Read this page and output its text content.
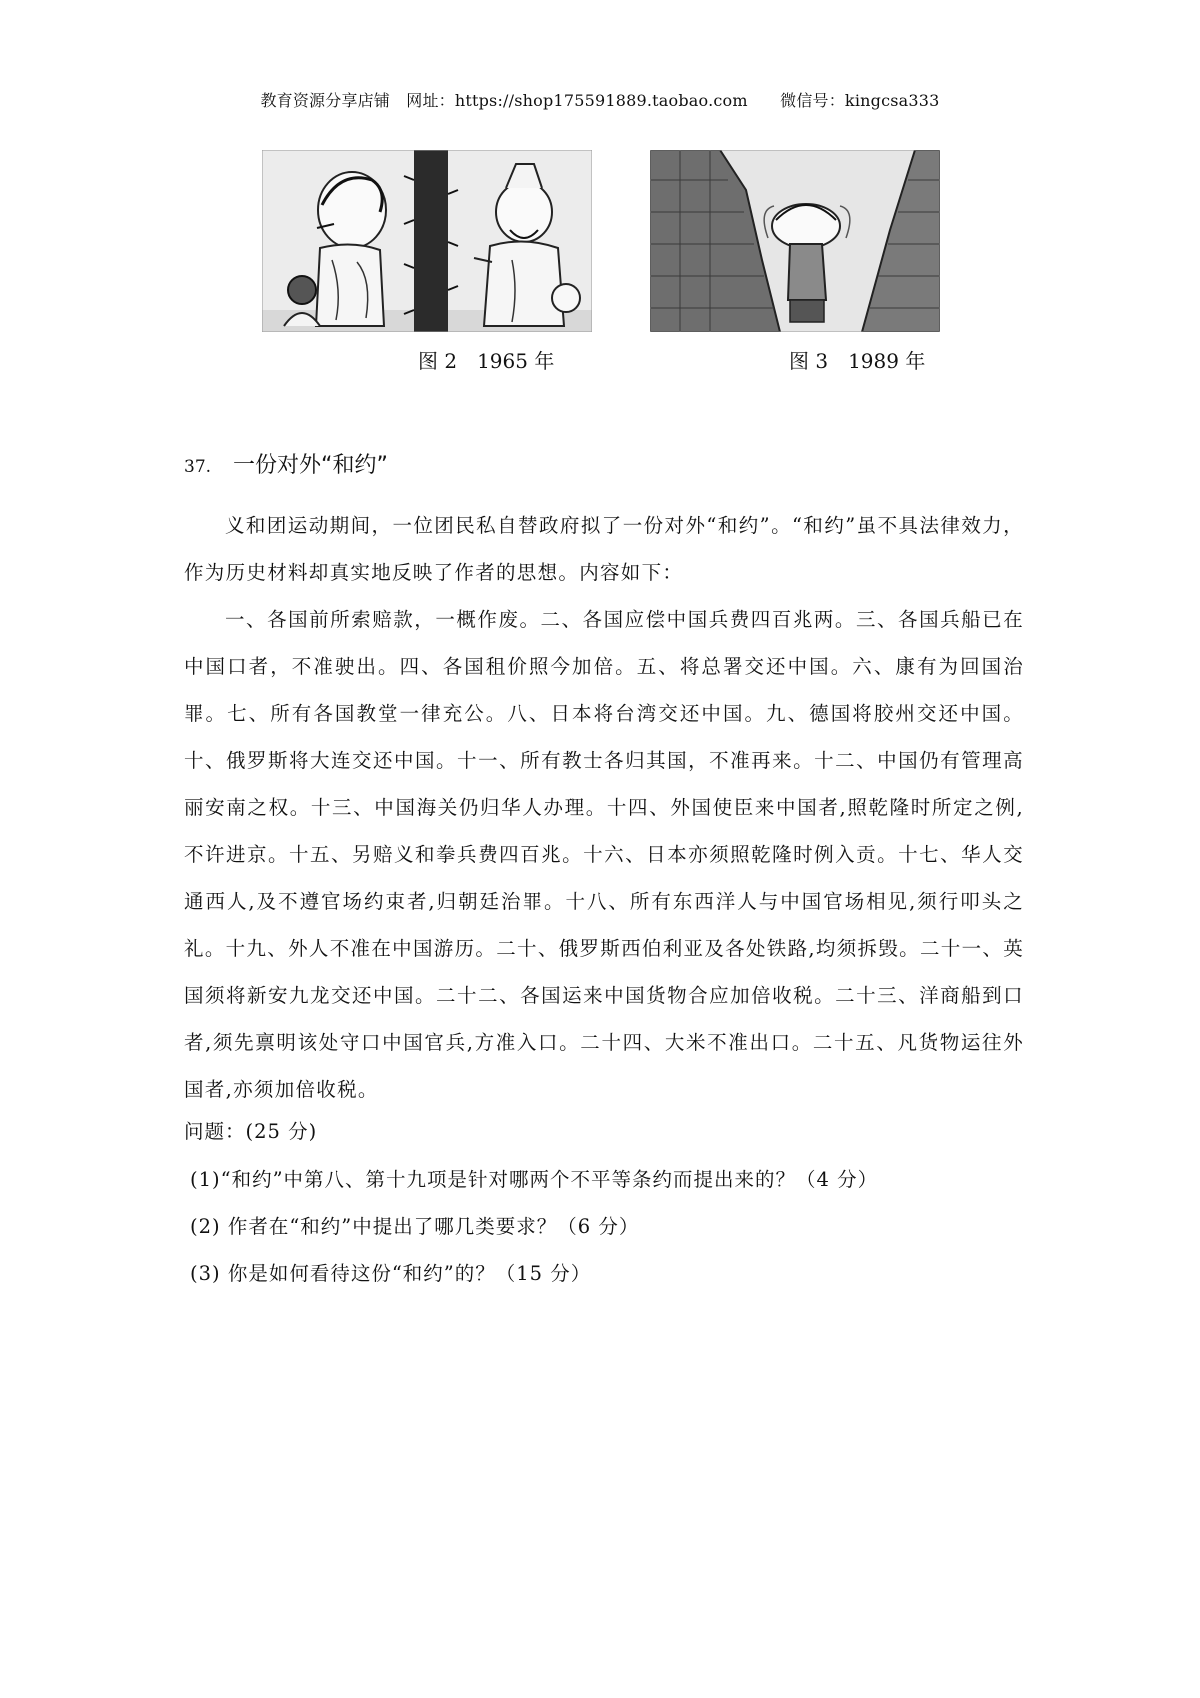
教育资源分享店铺　网址：https://shop175591889.taobao.com　　微信号：kingcsa333
图 2　1965 年	图 3　1989 年
37. 一份对外“和约”

义和团运动期间，一位团民私自替政府拟了一份对外“和约”。“和约”虽不具法律效力，作为历史材料却真实地反映了作者的思想。内容如下：

一、各国前所索赔款，一概作废。二、各国应偿中国兵费四百兆两。三、各国兵船已在中国口者，不准驶出。四、各国租价照今加倍。五、将总署交还中国。六、康有为回国治罪。七、所有各国教堂一律充公。八、日本将台湾交还中国。九、德国将胶州交还中国。十、俄罗斯将大连交还中国。十一、所有教士各归其国，不准再来。十二、中国仍有管理高丽安南之权。十三、中国海关仍归华人办理。十四、外国使臣来中国者,照乾隆时所定之例,不许进京。十五、另赔义和拳兵费四百兆。十六、日本亦须照乾隆时例入贡。十七、华人交通西人,及不遵官场约束者,归朝廷治罪。十八、所有东西洋人与中国官场相见,须行叩头之礼。十九、外人不准在中国游历。二十、俄罗斯西伯利亚及各处铁路,均须拆毁。二十一、英国须将新安九龙交还中国。二十二、各国运来中国货物合应加倍收税。二十三、洋商船到口者,须先禀明该处守口中国官兵,方准入口。二十四、大米不准出口。二十五、凡货物运往外国者,亦须加倍收税。

问题：(25 分)
(1)“和约”中第八、第十九项是针对哪两个不平等条约而提出来的？（4 分）
(2) 作者在“和约”中提出了哪几类要求？（6 分）
(3) 你是如何看待这份“和约”的？（15 分）
